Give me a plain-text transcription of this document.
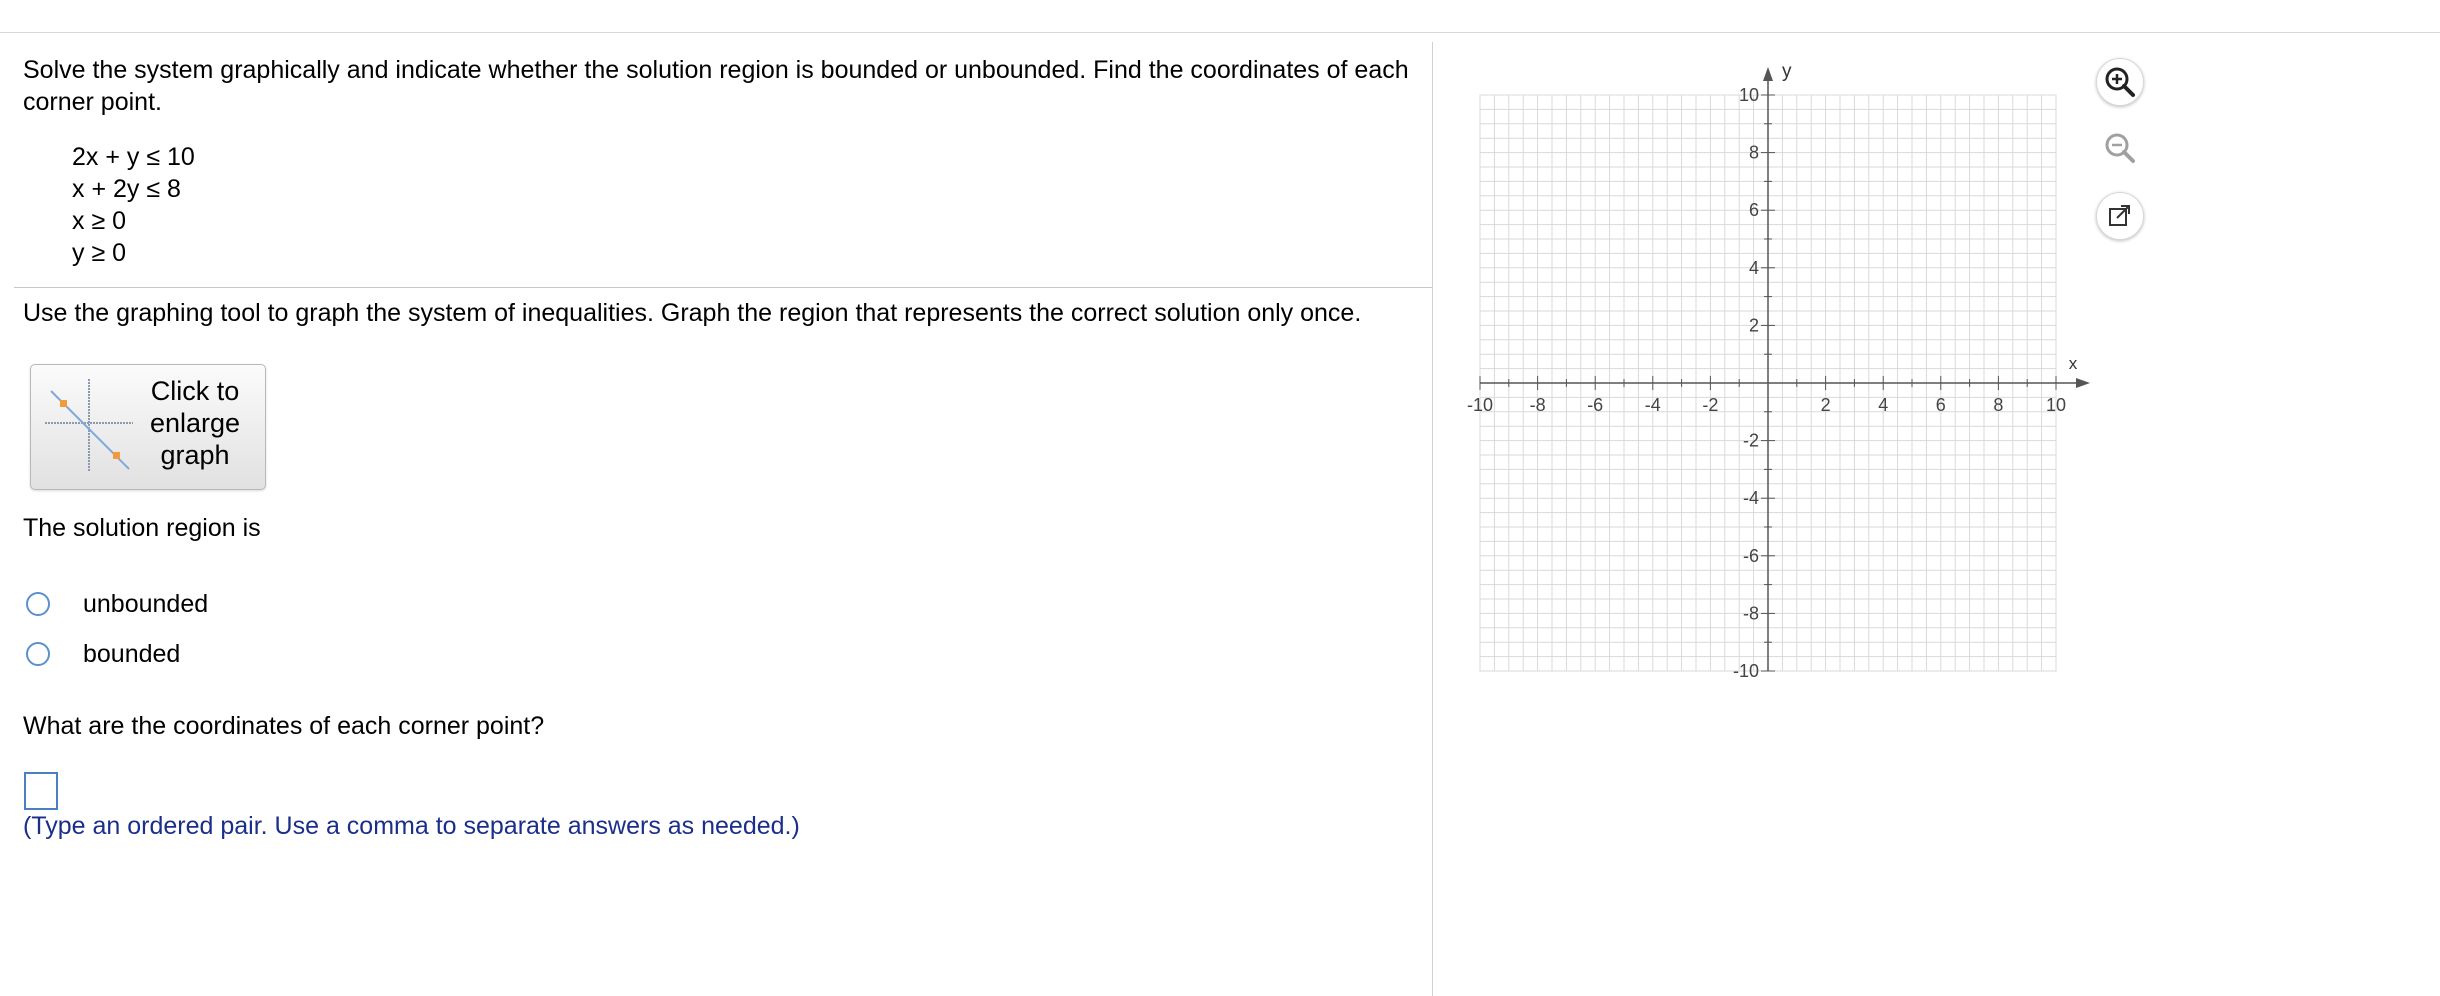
Solve the system graphically and indicate whether the solution region is bounded or unbounded. Find the coordinates of each corner point.
2x + y ≤ 10
x + 2y ≤ 8
x ≥ 0
y ≥ 0
Use the graphing tool to graph the system of inequalities. Graph the region that represents the correct solution only once.
Click to
enlarge
graph
The solution region is
unbounded
bounded
What are the coordinates of each corner point?
(Type an ordered pair. Use a comma to separate answers as needed.)
x
y
-10 -8 -6 -4 -2	2	4	6	8 10
10
8
6
4
2
-2
-4
-6
-8
-10
